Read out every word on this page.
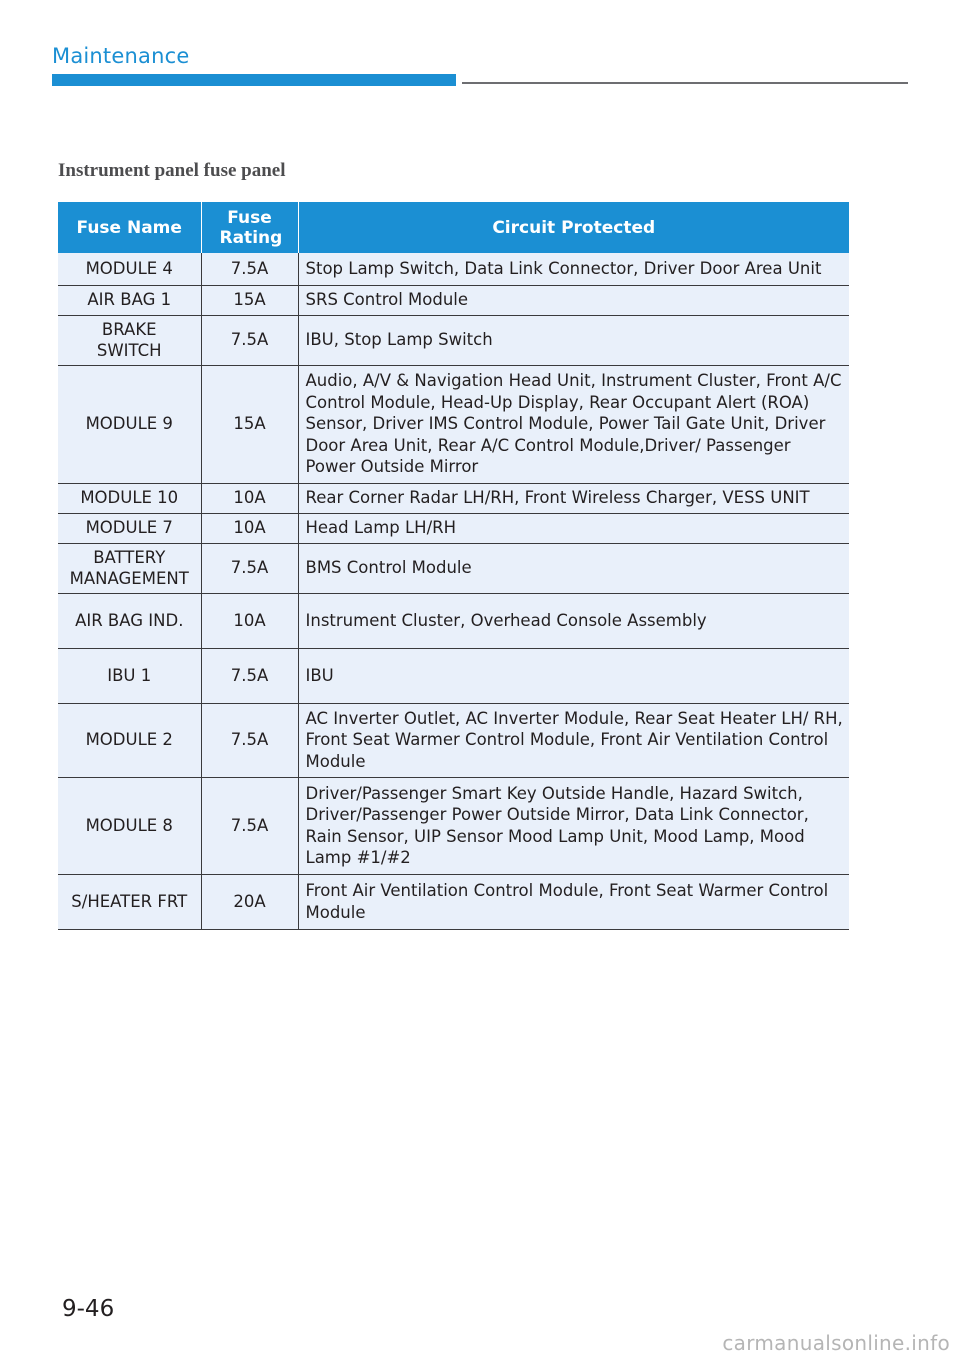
Maintenance
Instrument panel fuse panel
Fuse Name	Fuse Rating	Circuit Protected
MODULE 4	7.5A	Stop Lamp Switch, Data Link Connector, Driver Door Area Unit
AIR BAG 1	15A	SRS Control Module
BRAKE SWITCH	7.5A	IBU, Stop Lamp Switch
MODULE 9	15A	Audio, A/V & Navigation Head Unit, Instrument Cluster, Front A/C Control Module, Head-Up Display, Rear Occupant Alert (ROA) Sensor, Driver IMS Control Module, Power Tail Gate Unit, Driver Door Area Unit, Rear A/C Control Module,Driver/ Passenger Power Outside Mirror
MODULE 10	10A	Rear Corner Radar LH/RH, Front Wireless Charger, VESS UNIT
MODULE 7	10A	Head Lamp LH/RH
BATTERY MANAGEMENT	7.5A	BMS Control Module
AIR BAG IND.	10A	Instrument Cluster, Overhead Console Assembly
IBU 1	7.5A	IBU
MODULE 2	7.5A	AC Inverter Outlet, AC Inverter Module, Rear Seat Heater LH/ RH, Front Seat Warmer Control Module, Front Air Ventilation Control Module
MODULE 8	7.5A	Driver/Passenger Smart Key Outside Handle, Hazard Switch, Driver/Passenger Power Outside Mirror, Data Link Connector, Rain Sensor, UIP Sensor Mood Lamp Unit, Mood Lamp, Mood Lamp #1/#2
S/HEATER FRT	20A	Front Air Ventilation Control Module, Front Seat Warmer Control Module
9-46
carmanualsonline.info
